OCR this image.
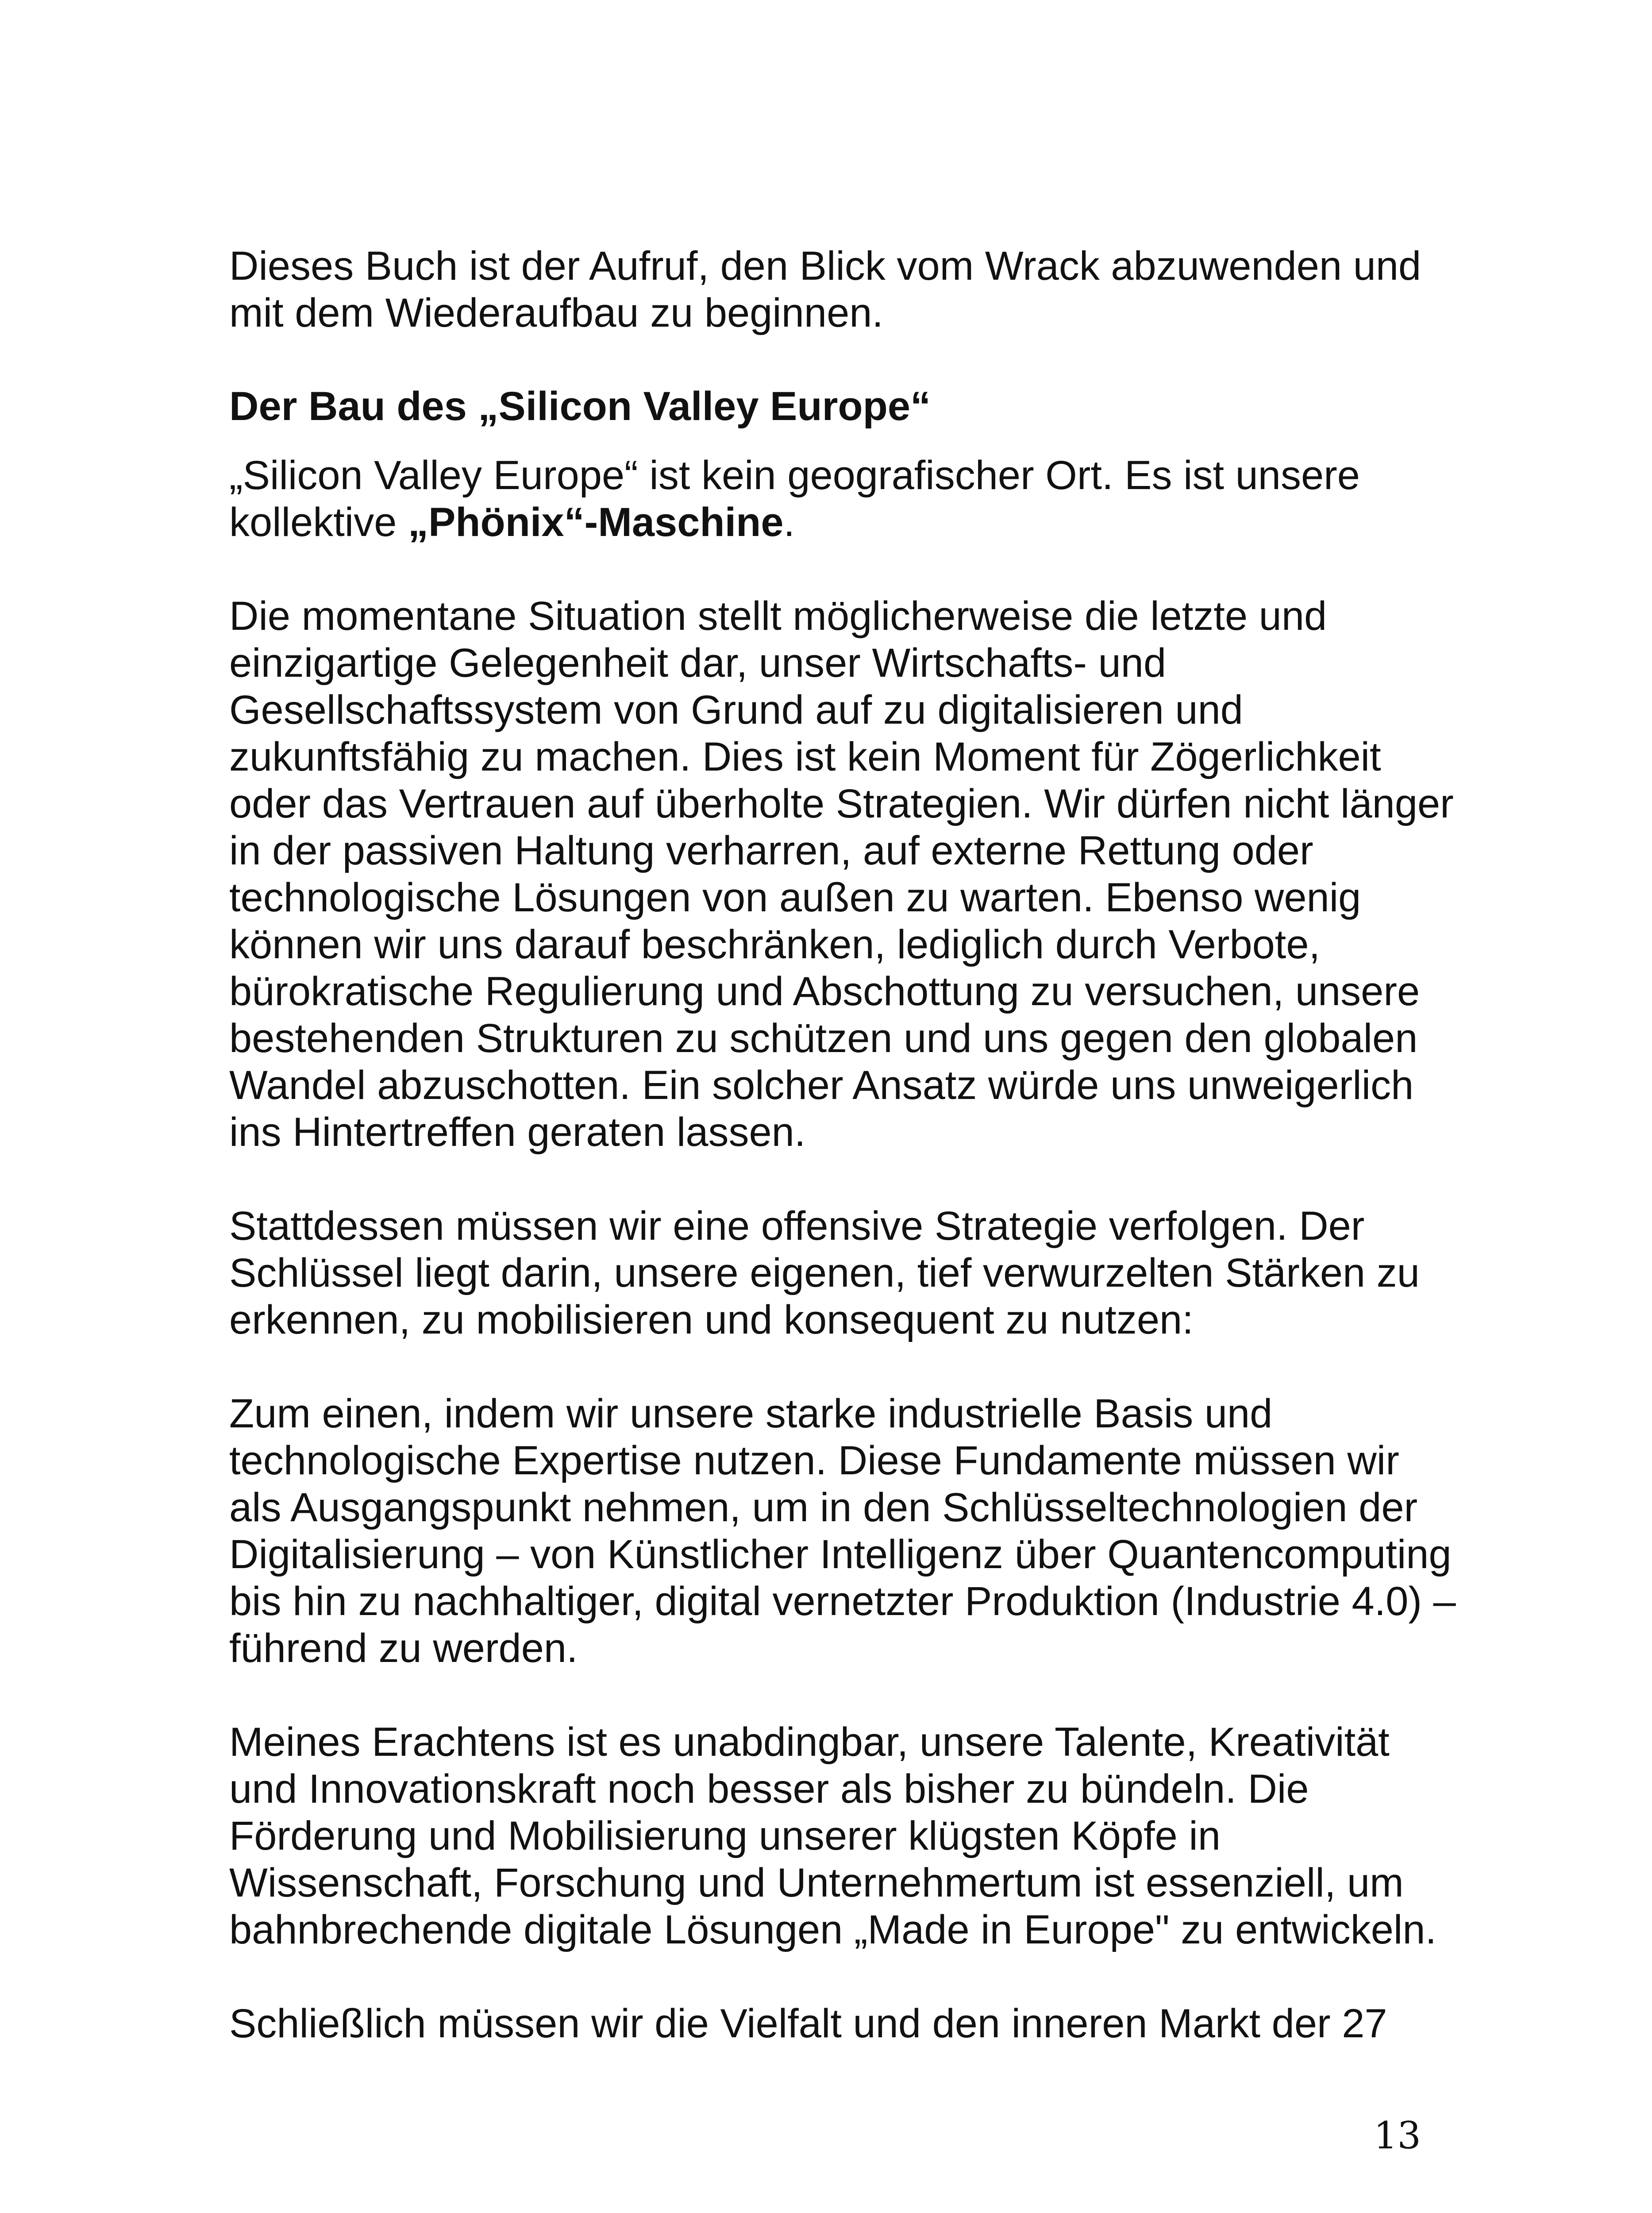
Dieses Buch ist der Aufruf, den Blick vom Wrack abzuwenden und mit dem Wiederaufbau zu beginnen.

Der Bau des „Silicon Valley Europe“

„Silicon Valley Europe“ ist kein geografischer Ort. Es ist unsere kollektive „Phönix“-Maschine.

Die momentane Situation stellt möglicherweise die letzte und einzigartige Gelegenheit dar, unser Wirtschafts- und Gesellschaftssystem von Grund auf zu digitalisieren und zukunftsfähig zu machen. Dies ist kein Moment für Zögerlichkeit oder das Vertrauen auf überholte Strategien. Wir dürfen nicht länger in der passiven Haltung verharren, auf externe Rettung oder technologische Lösungen von außen zu warten. Ebenso wenig können wir uns darauf beschränken, lediglich durch Verbote, bürokratische Regulierung und Abschottung zu versuchen, unsere bestehenden Strukturen zu schützen und uns gegen den globalen Wandel abzuschotten. Ein solcher Ansatz würde uns unweigerlich ins Hintertreffen geraten lassen.

Stattdessen müssen wir eine offensive Strategie verfolgen. Der Schlüssel liegt darin, unsere eigenen, tief verwurzelten Stärken zu erkennen, zu mobilisieren und konsequent zu nutzen:

Zum einen, indem wir unsere starke industrielle Basis und technologische Expertise nutzen. Diese Fundamente müssen wir als Ausgangspunkt nehmen, um in den Schlüsseltechnologien der Digitalisierung – von Künstlicher Intelligenz über Quantencomputing bis hin zu nachhaltiger, digital vernetzter Produktion (Industrie 4.0) – führend zu werden.

Meines Erachtens ist es unabdingbar, unsere Talente, Kreativität und Innovationskraft noch besser als bisher zu bündeln. Die Förderung und Mobilisierung unserer klügsten Köpfe in Wissenschaft, Forschung und Unternehmertum ist essenziell, um bahnbrechende digitale Lösungen „Made in Europe" zu entwickeln.

Schließlich müssen wir die Vielfalt und den inneren Markt der 27

13
